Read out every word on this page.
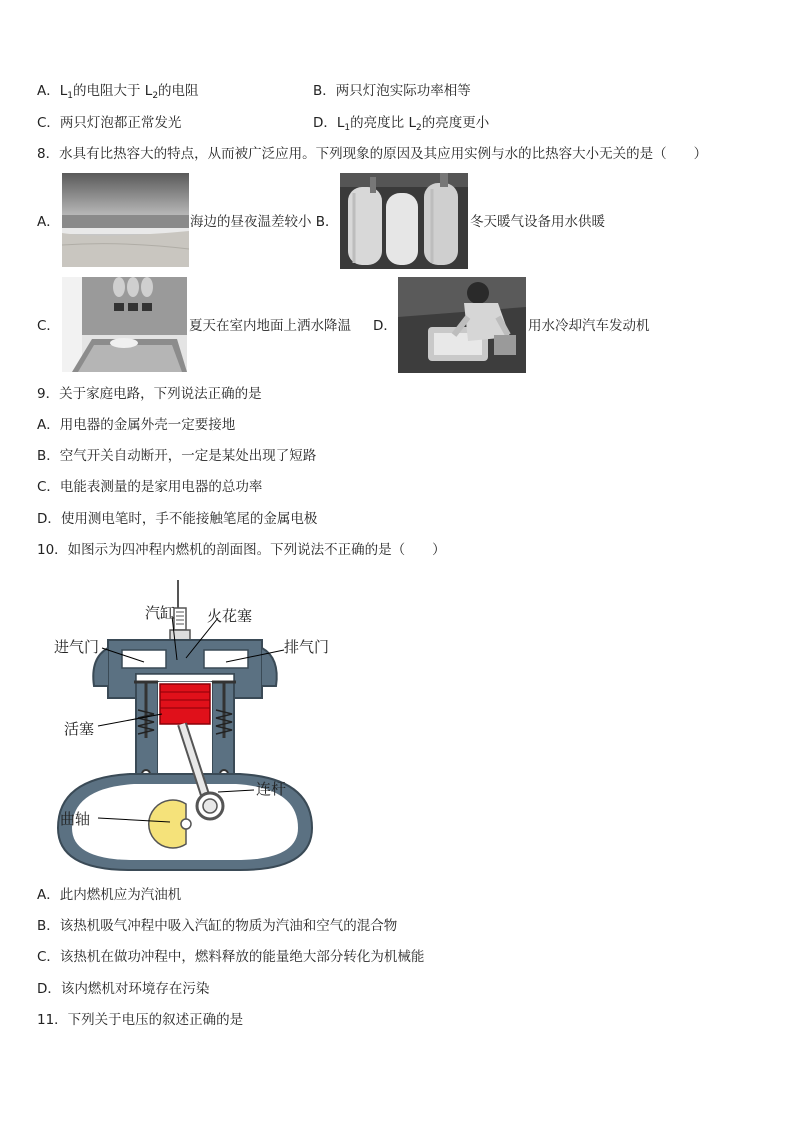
A．$L_1$的电阻大于 $L_2$的电阻	B．两只灯泡实际功率相等
C．两只灯泡都正常发光	D．$L_1$的亮度比 $L_2$的亮度更小
8．水具有比热容大的特点，从而被广泛应用。下列现象的原因及其应用实例与水的比热容大小无关的是（　　）
A．	海边的昼夜温差较小 B．	冬天暖气设备用水供暖
C．	夏天在室内地面上洒水降温 D．	用水冷却汽车发动机
9．关于家庭电路，下列说法正确的是
A．用电器的金属外壳一定要接地
B．空气开关自动断开，一定是某处出现了短路
C．电能表测量的是家用电器的总功率
D．使用测电笔时，手不能接触笔尾的金属电极
10．如图示为四冲程内燃机的剖面图。下列说法不正确的是（　　）
汽缸 火花塞
进气门	排气门
活塞
连杆
曲轴
A．此内燃机应为汽油机
B．该热机吸气冲程中吸入汽缸的物质为汽油和空气的混合物
C．该热机在做功冲程中，燃料释放的能量绝大部分转化为机械能
D．该内燃机对环境存在污染
11．下列关于电压的叙述正确的是
